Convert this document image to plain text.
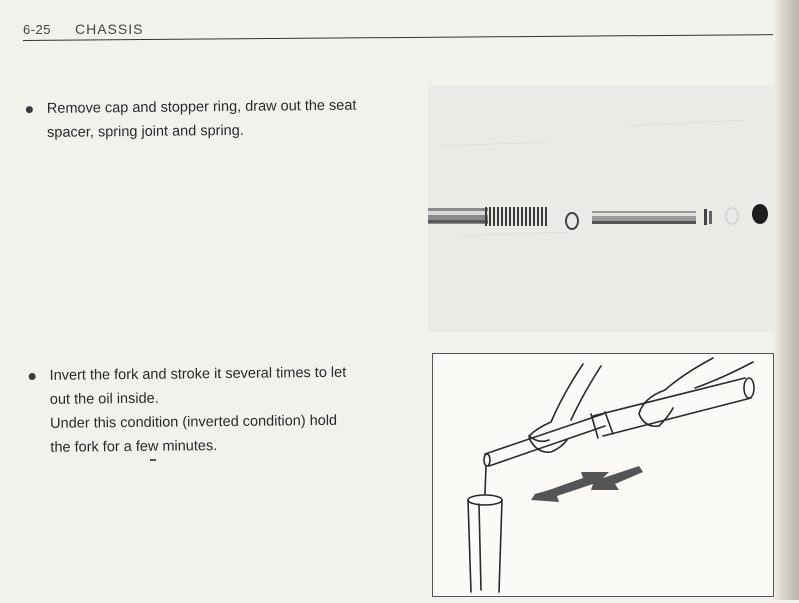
6-25 CHASSIS

Remove cap and stopper ring, draw out the seat

spacer, spring joint and spring.

Invert the fork and stroke it several times to let

out the oil inside.

Under this condition (inverted condition) hold

the fork for a few minutes.
